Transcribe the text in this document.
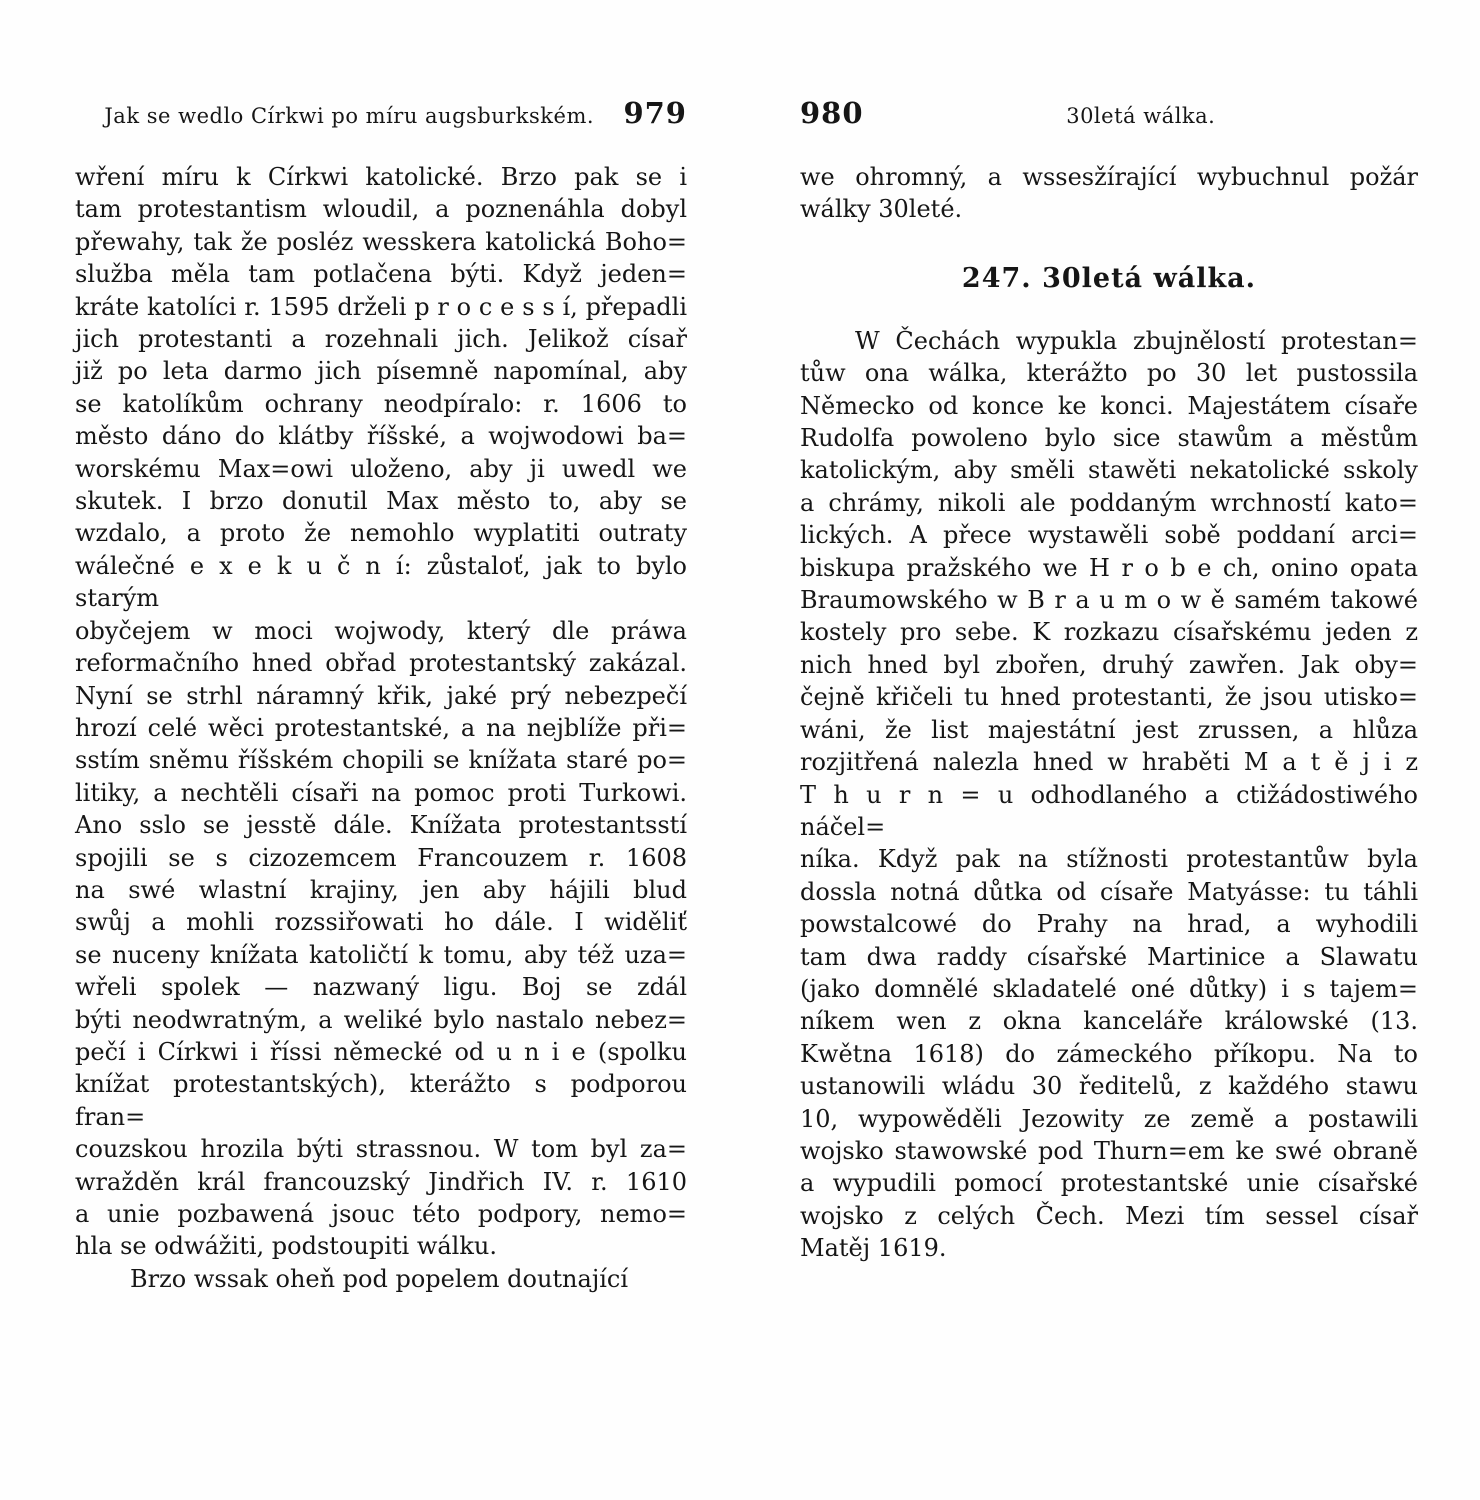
Jak se wedlo Církwi po míru augsburkském.	979	980	30letá wálka.
wření míru k Církwi katolické. Brzo pak se i
tam protestantism wloudil, a poznenáhla dobyl
přewahy, tak že posléz wesskera katolická Boho=
služba měla tam potlačena býti. Když jeden=
kráte katolíci r. 1595 drželi p r o c e s s í, přepadli
jich protestanti a rozehnali jich. Jelikož císař
již po leta darmo jich písemně napomínal, aby
se katolíkům ochrany neodpíralo: r. 1606 to
město dáno do klátby říšské, a wojwodowi ba=
worskému Max=owi uloženo, aby ji uwedl we
skutek. I brzo donutil Max město to, aby se
wzdalo, a proto že nemohlo wyplatiti outraty
wálečné e x e k u č n í: zůstaloť, jak to bylo starým
obyčejem w moci wojwody, který dle práwa
reformačního hned obřad protestantský zakázal.
Nyní se strhl náramný křik, jaké prý nebezpečí
hrozí celé wěci protestantské, a na nejblíže při=
sstím sněmu říšském chopili se knížata staré po=
litiky, a nechtěli císaři na pomoc proti Turkowi.
Ano sslo se jesstě dále. Knížata protestantsstí
spojili se s cizozemcem Francouzem r. 1608
na swé wlastní krajiny, jen aby hájili blud
swůj a mohli rozssiřowati ho dále. I widěliť
se nuceny knížata katoličtí k tomu, aby též uza=
wřeli spolek — nazwaný ligu. Boj se zdál
býti neodwratným, a weliké bylo nastalo nebez=
pečí i Církwi i říssi německé od u n i e (spolku
knížat protestantských), kterážto s podporou fran=
couzskou hrozila býti strassnou. W tom byl za=
wražděn král francouzský Jindřich IV. r. 1610
a unie pozbawená jsouc této podpory, nemo=
hla se odwážiti, podstoupiti wálku.
Brzo wssak oheň pod popelem doutnající
we ohromný, a wssesžírající wybuchnul požár
wálky 30leté.
247. 30letá wálka.
W Čechách wypukla zbujnělostí protestan=
tůw ona wálka, kterážto po 30 let pustossila
Německo od konce ke konci. Majestátem císaře
Rudolfa powoleno bylo sice stawům a městům
katolickým, aby směli stawěti nekatolické sskoly
a chrámy, nikoli ale poddaným wrchností kato=
lických. A přece wystawěli sobě poddaní arci=
biskupa pražského we H r o b e ch, onino opata
Braumowského w B r a u m o w ě samém takowé
kostely pro sebe. K rozkazu císařskému jeden z
nich hned byl zbořen, druhý zawřen. Jak oby=
čejně křičeli tu hned protestanti, že jsou utisko=
wáni, že list majestátní jest zrussen, a hlůza
rozjitřená nalezla hned w hraběti M a t ě j i z
T h u r n = u odhodlaného a ctižádostiwého náčel=
níka. Když pak na stížnosti protestantůw byla
dossla notná důtka od císaře Matyásse: tu táhli
powstalcowé do Prahy na hrad, a wyhodili
tam dwa raddy císařské Martinice a Slawatu
(jako domnělé skladatelé oné důtky) i s tajem=
níkem wen z okna kanceláře králowské (13.
Kwětna 1618) do zámeckého příkopu. Na to
ustanowili wládu 30 ředitelů, z každého stawu
10, wypowěděli Jezowity ze země a postawili
wojsko stawowské pod Thurn=em ke swé obraně
a wypudili pomocí protestantské unie císařské
wojsko z celých Čech. Mezi tím sessel císař
Matěj 1619.
